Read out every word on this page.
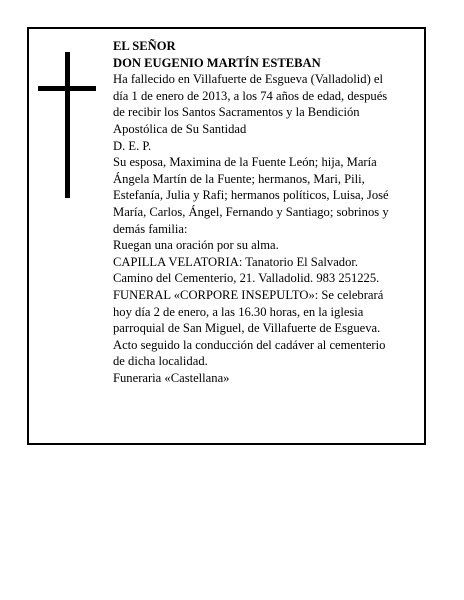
EL SEÑOR
DON EUGENIO MARTÍN ESTEBAN
Ha fallecido en Villafuerte de Esgueva (Valladolid) el
día 1 de enero de 2013, a los 74 años de edad, después
de recibir los Santos Sacramentos y la Bendición
Apostólica de Su Santidad
D. E. P.
Su esposa, Maximina de la Fuente León; hija, María
Ángela Martín de la Fuente; hermanos, Mari, Pili,
Estefanía, Julia y Rafi; hermanos políticos, Luisa, José
María, Carlos, Ángel, Fernando y Santiago; sobrinos y
demás familia:
Ruegan una oración por su alma.
CAPILLA VELATORIA: Tanatorio El Salvador.
Camino del Cementerio, 21. Valladolid. 983 251225.
FUNERAL «CORPORE INSEPULTO»: Se celebrará
hoy día 2 de enero, a las 16.30 horas, en la iglesia
parroquial de San Miguel, de Villafuerte de Esgueva.
Acto seguido la conducción del cadáver al cementerio
de dicha localidad.
Funeraria «Castellana»
